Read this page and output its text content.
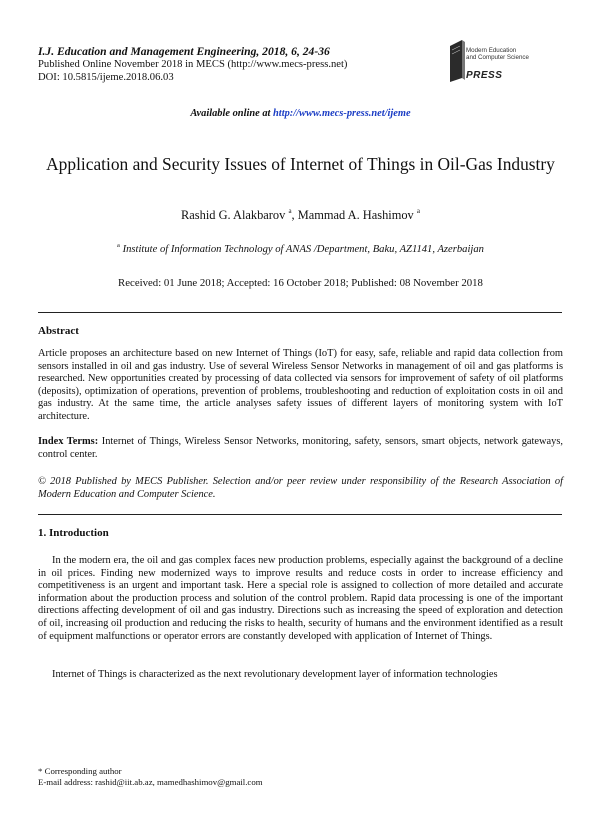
I.J. Education and Management Engineering, 2018, 6, 24-36
Published Online November 2018 in MECS (http://www.mecs-press.net)
DOI: 10.5815/ijeme.2018.06.03
Modern Education
and Computer Science
PRESS
Available online at http://www.mecs-press.net/ijeme
Application and Security Issues of Internet of Things in Oil-Gas Industry
Rashid G. Alakbarov $^a$, Mammad A. Hashimov $^a$
$^a$ Institute of Information Technology of ANAS /Department, Baku, AZ1141, Azerbaijan
Received: 01 June 2018; Accepted: 16 October 2018; Published: 08 November 2018
Abstract
Article proposes an architecture based on new Internet of Things (IoT) for easy, safe, reliable and rapid data collection from sensors installed in oil and gas industry. Use of several Wireless Sensor Networks in management of oil and gas platforms is researched. New opportunities created by processing of data collected via sensors for improvement of safety of oil platforms (deposits), optimization of operations, prevention of problems, troubleshooting and reduction of exploitation costs in oil and gas industry. At the same time, the article analyses safety issues of different layers of monitoring system with IoT architecture.
Index Terms: Internet of Things, Wireless Sensor Networks, monitoring, safety, sensors, smart objects, network gateways, control center.
© 2018 Published by MECS Publisher. Selection and/or peer review under responsibility of the Research Association of Modern Education and Computer Science.
1. Introduction
In the modern era, the oil and gas complex faces new production problems, especially against the background of a decline in oil prices. Finding new modernized ways to improve results and reduce costs in order to increase efficiency and competitiveness is an urgent and important task. Here a special role is assigned to collection of more detailed and accurate information about the production process and solution of the control problem. Rapid data processing is one of the important directions affecting development of oil and gas industry. Directions such as increasing the speed of exploration and detection of oil, increasing oil production and reducing the risks to health, security of humans and the environment identified as a result of equipment malfunctions or operator errors are constantly developed with application of Internet of Things.
Internet of Things is characterized as the next revolutionary development layer of information technologies
* Corresponding author
E-mail address: rashid@iit.ab.az, mamedhashimov@gmail.com
